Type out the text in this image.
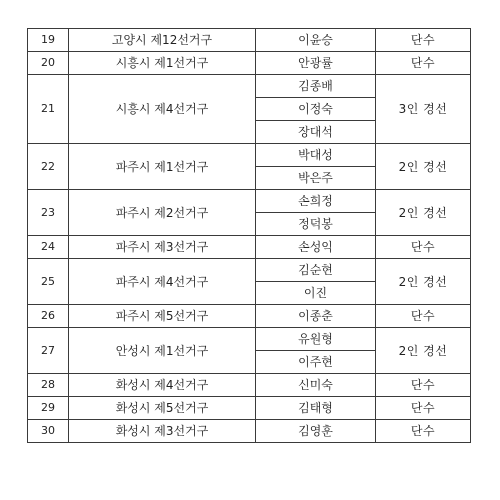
19	고양시 제12선거구	이윤승	단수
20	시흥시 제1선거구	안광률	단수
21	시흥시 제4선거구	김종배	3인 경선
		이정숙	
		장대석	
22	파주시 제1선거구	박대성	2인 경선
		박은주	
23	파주시 제2선거구	손희정	2인 경선
		정덕봉	
24	파주시 제3선거구	손성익	단수
25	파주시 제4선거구	김순현	2인 경선
		이진	
26	파주시 제5선거구	이종춘	단수
27	안성시 제1선거구	유원형	2인 경선
		이주현	
28	화성시 제4선거구	신미숙	단수
29	화성시 제5선거구	김태형	단수
30	화성시 제3선거구	김영훈	단수
